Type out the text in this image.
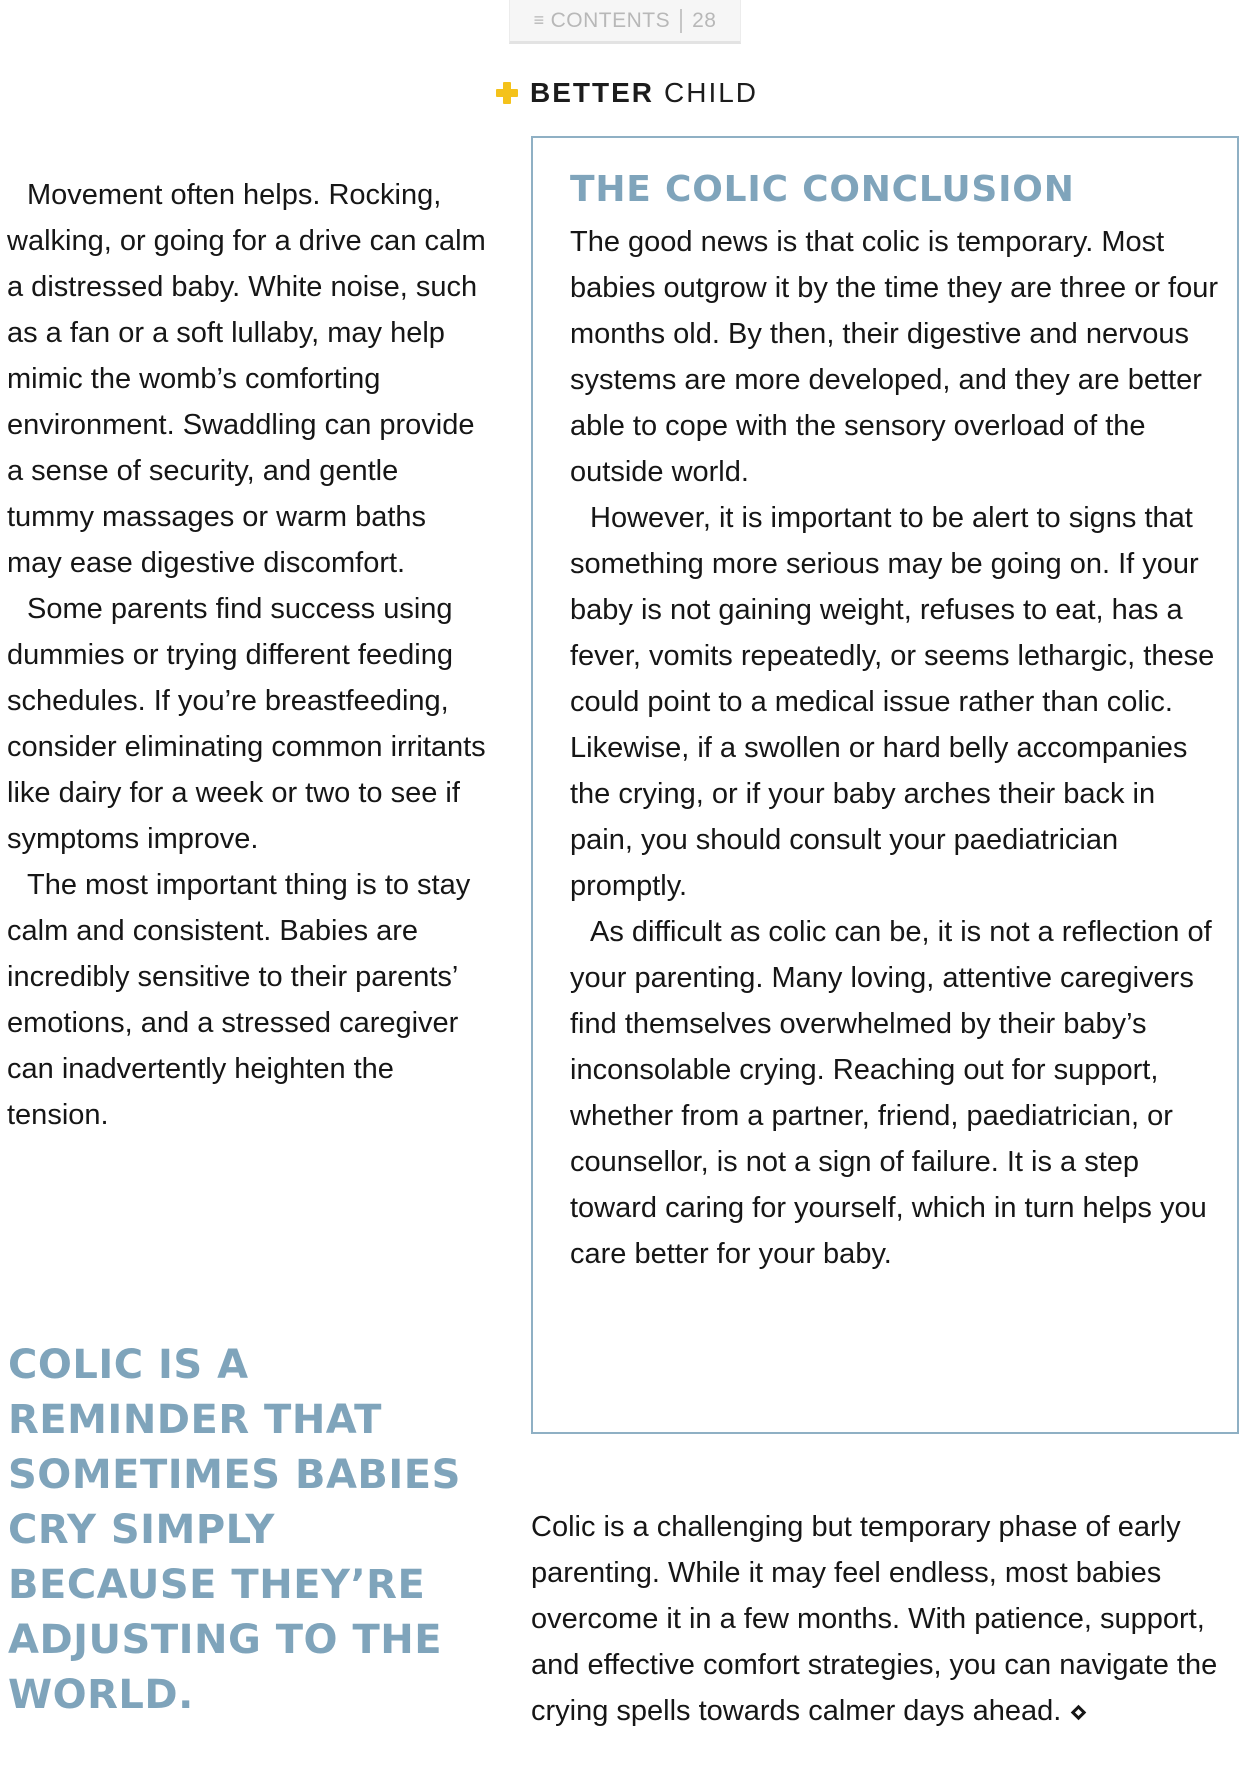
≡ CONTENTS 28
BETTER CHILD

Movement often helps. Rocking, walking, or going for a drive can calm a distressed baby. White noise, such as a fan or a soft lullaby, may help mimic the womb’s comforting environment. Swaddling can provide a sense of security, and gentle tummy massages or warm baths may ease digestive discomfort.

Some parents find success using dummies or trying different feeding schedules. If you’re breastfeeding, consider eliminating common irritants like dairy for a week or two to see if symptoms improve.

The most important thing is to stay calm and consistent. Babies are incredibly sensitive to their parents’ emotions, and a stressed caregiver can inadvertently heighten the tension.

COLIC IS A REMINDER THAT SOMETIMES BABIES CRY SIMPLY BECAUSE THEY’RE ADJUSTING TO THE WORLD.

THE COLIC CONCLUSION

The good news is that colic is temporary. Most babies outgrow it by the time they are three or four months old. By then, their digestive and nervous systems are more developed, and they are better able to cope with the sensory overload of the outside world.

However, it is important to be alert to signs that something more serious may be going on. If your baby is not gaining weight, refuses to eat, has a fever, vomits repeatedly, or seems lethargic, these could point to a medical issue rather than colic. Likewise, if a swollen or hard belly accompanies the crying, or if your baby arches their back in pain, you should consult your paediatrician promptly.

As difficult as colic can be, it is not a reflection of your parenting. Many loving, attentive caregivers find themselves overwhelmed by their baby’s inconsolable crying. Reaching out for support, whether from a partner, friend, paediatrician, or counsellor, is not a sign of failure. It is a step toward caring for yourself, which in turn helps you care better for your baby.

Colic is a challenging but temporary phase of early parenting. While it may feel endless, most babies overcome it in a few months. With patience, support, and effective comfort strategies, you can navigate the crying spells towards calmer days ahead.
